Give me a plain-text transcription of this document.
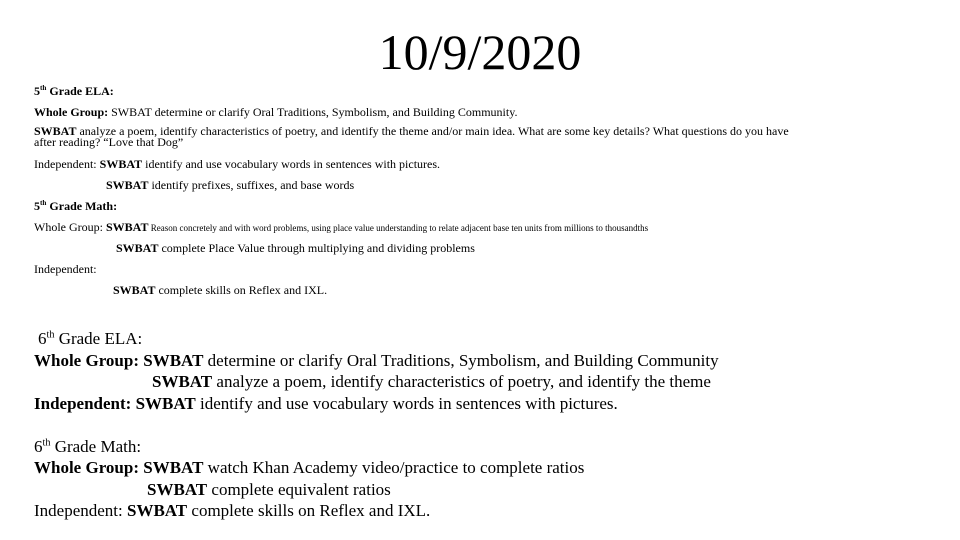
10/9/2020
5th Grade ELA:
Whole Group: SWBAT determine or clarify Oral Traditions, Symbolism, and Building Community.
SWBAT analyze a poem, identify characteristics of poetry, and identify the theme and/or main idea. What are some key details? What questions do you have
after reading? “Love that Dog”
Independent: SWBAT identify and use vocabulary words in sentences with pictures.
SWBAT identify prefixes, suffixes, and base words
5th Grade Math:
Whole Group: SWBAT Reason concretely and with word problems, using place value understanding to relate adjacent base ten units from millions to thousandths
SWBAT complete Place Value through multiplying and dividing problems
Independent:
SWBAT complete skills on Reflex and IXL.
6th Grade ELA:
Whole Group: SWBAT determine or clarify Oral Traditions, Symbolism, and Building Community
SWBAT analyze a poem, identify characteristics of poetry, and identify the theme
Independent: SWBAT identify and use vocabulary words in sentences with pictures.
6th Grade Math:
Whole Group: SWBAT watch Khan Academy video/practice to complete ratios
SWBAT complete equivalent ratios
Independent: SWBAT complete skills on Reflex and IXL.
